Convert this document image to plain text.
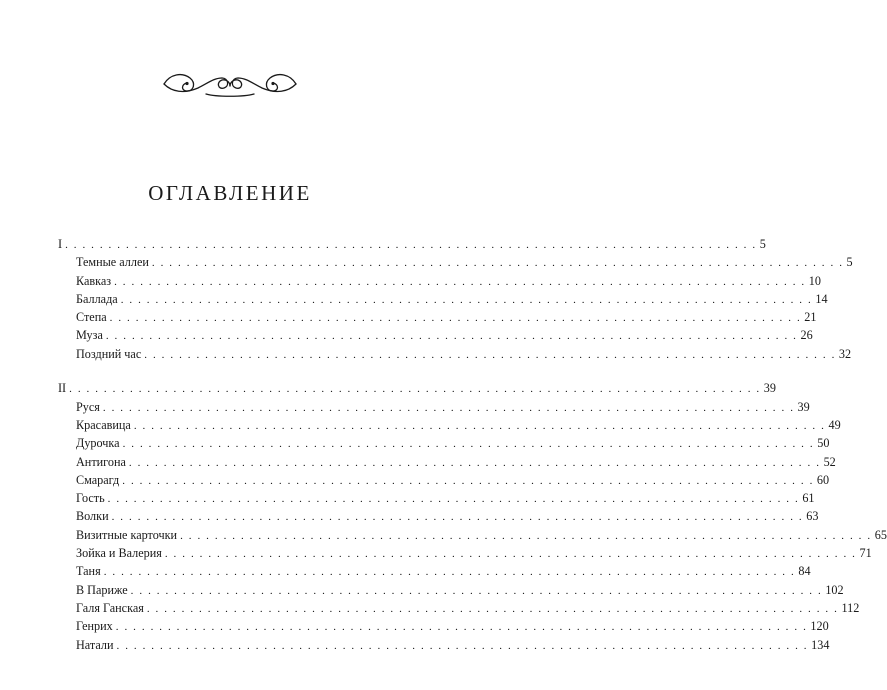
ОГЛАВЛЕНИЕ
I . . . . . . . . . . . . . . . . . . . . . . . . . . . . . . . . . . . . . . . . . . . . . . . . . . . . . . . . . . . . . . . . . . . . . . . . . . . . . . . . 5
Темные аллеи . . . . . . . . . . . . . . . . . . . . . . . . . . . . . . . . . . . . . . . . . . . . . . . . . . . . . . . . . . . . . . . . . . . . . . . . . . . . . . . . 5
Кавказ . . . . . . . . . . . . . . . . . . . . . . . . . . . . . . . . . . . . . . . . . . . . . . . . . . . . . . . . . . . . . . . . . . . . . . . . . . . . . . . . 10
Баллада . . . . . . . . . . . . . . . . . . . . . . . . . . . . . . . . . . . . . . . . . . . . . . . . . . . . . . . . . . . . . . . . . . . . . . . . . . . . . . . . 14
Степа . . . . . . . . . . . . . . . . . . . . . . . . . . . . . . . . . . . . . . . . . . . . . . . . . . . . . . . . . . . . . . . . . . . . . . . . . . . . . . . . 21
Муза . . . . . . . . . . . . . . . . . . . . . . . . . . . . . . . . . . . . . . . . . . . . . . . . . . . . . . . . . . . . . . . . . . . . . . . . . . . . . . . . 26
Поздний час . . . . . . . . . . . . . . . . . . . . . . . . . . . . . . . . . . . . . . . . . . . . . . . . . . . . . . . . . . . . . . . . . . . . . . . . . . . . . . . . 32
II . . . . . . . . . . . . . . . . . . . . . . . . . . . . . . . . . . . . . . . . . . . . . . . . . . . . . . . . . . . . . . . . . . . . . . . . . . . . . . . . 39
Руся . . . . . . . . . . . . . . . . . . . . . . . . . . . . . . . . . . . . . . . . . . . . . . . . . . . . . . . . . . . . . . . . . . . . . . . . . . . . . . . . 39
Красавица . . . . . . . . . . . . . . . . . . . . . . . . . . . . . . . . . . . . . . . . . . . . . . . . . . . . . . . . . . . . . . . . . . . . . . . . . . . . . . . . 49
Дурочка . . . . . . . . . . . . . . . . . . . . . . . . . . . . . . . . . . . . . . . . . . . . . . . . . . . . . . . . . . . . . . . . . . . . . . . . . . . . . . . . 50
Антигона . . . . . . . . . . . . . . . . . . . . . . . . . . . . . . . . . . . . . . . . . . . . . . . . . . . . . . . . . . . . . . . . . . . . . . . . . . . . . . . . 52
Смарагд . . . . . . . . . . . . . . . . . . . . . . . . . . . . . . . . . . . . . . . . . . . . . . . . . . . . . . . . . . . . . . . . . . . . . . . . . . . . . . . . 60
Гость . . . . . . . . . . . . . . . . . . . . . . . . . . . . . . . . . . . . . . . . . . . . . . . . . . . . . . . . . . . . . . . . . . . . . . . . . . . . . . . . 61
Волки . . . . . . . . . . . . . . . . . . . . . . . . . . . . . . . . . . . . . . . . . . . . . . . . . . . . . . . . . . . . . . . . . . . . . . . . . . . . . . . . 63
Визитные карточки . . . . . . . . . . . . . . . . . . . . . . . . . . . . . . . . . . . . . . . . . . . . . . . . . . . . . . . . . . . . . . . . . . . . . . . . . . . . . . . . 65
Зойка и Валерия . . . . . . . . . . . . . . . . . . . . . . . . . . . . . . . . . . . . . . . . . . . . . . . . . . . . . . . . . . . . . . . . . . . . . . . . . . . . . . . . 71
Таня . . . . . . . . . . . . . . . . . . . . . . . . . . . . . . . . . . . . . . . . . . . . . . . . . . . . . . . . . . . . . . . . . . . . . . . . . . . . . . . . 84
В Париже . . . . . . . . . . . . . . . . . . . . . . . . . . . . . . . . . . . . . . . . . . . . . . . . . . . . . . . . . . . . . . . . . . . . . . . . . . . . . . . . 102
Галя Ганская . . . . . . . . . . . . . . . . . . . . . . . . . . . . . . . . . . . . . . . . . . . . . . . . . . . . . . . . . . . . . . . . . . . . . . . . . . . . . . . . 112
Генрих . . . . . . . . . . . . . . . . . . . . . . . . . . . . . . . . . . . . . . . . . . . . . . . . . . . . . . . . . . . . . . . . . . . . . . . . . . . . . . . . 120
Натали . . . . . . . . . . . . . . . . . . . . . . . . . . . . . . . . . . . . . . . . . . . . . . . . . . . . . . . . . . . . . . . . . . . . . . . . . . . . . . . . 134
